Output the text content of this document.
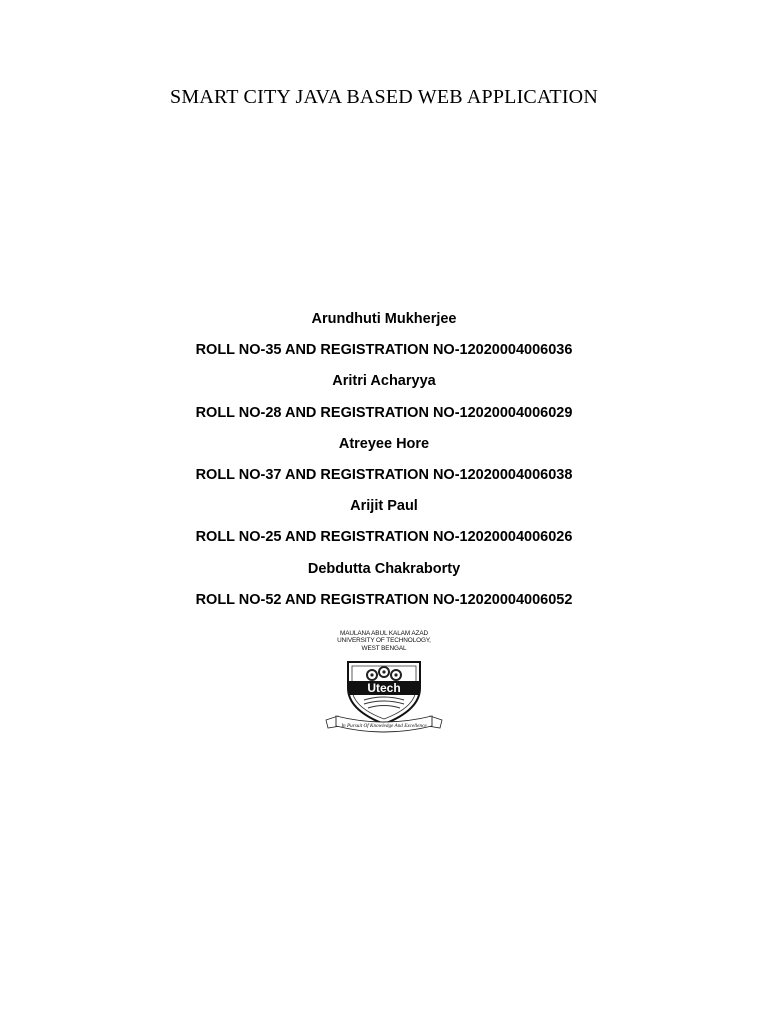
SMART CITY JAVA BASED WEB APPLICATION
Arundhuti Mukherjee
ROLL NO-35 AND REGISTRATION NO-12020004006036
Aritri Acharyya
ROLL NO-28 AND REGISTRATION NO-12020004006029
Atreyee Hore
ROLL NO-37 AND REGISTRATION NO-12020004006038
Arijit Paul
ROLL NO-25 AND REGISTRATION NO-12020004006026
Debdutta Chakraborty
ROLL NO-52 AND REGISTRATION NO-12020004006052
MAULANA ABUL KALAM AZAD
UNIVERSITY OF TECHNOLOGY,
WEST BENGAL
Utech
In Pursuit Of Knowledge And Excellence
